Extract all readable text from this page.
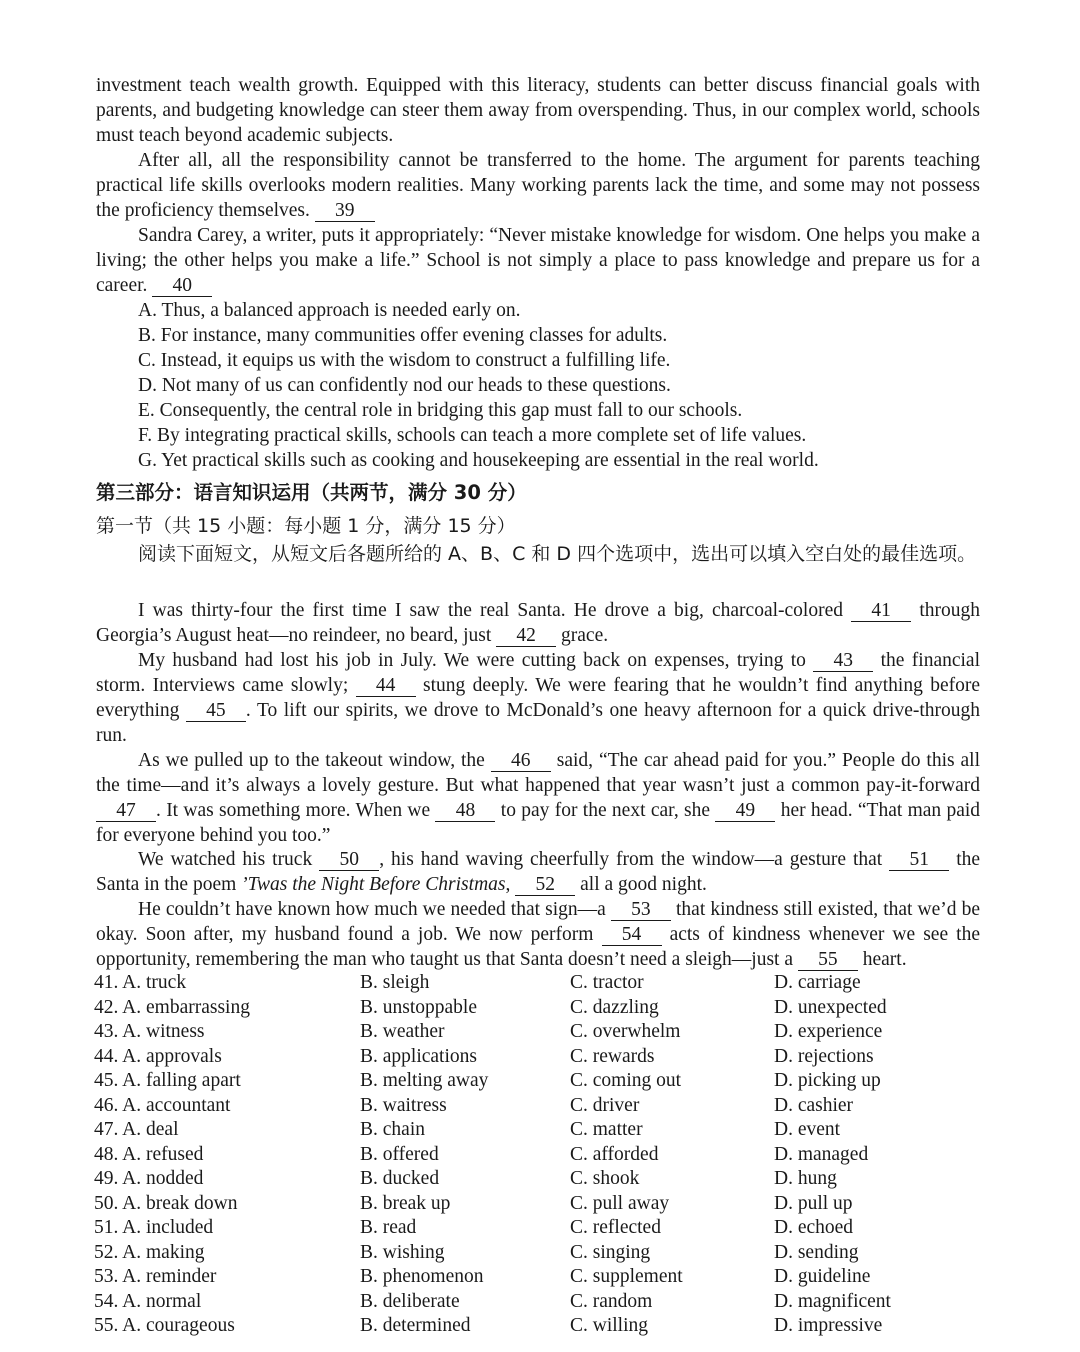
investment teach wealth growth. Equipped with this literacy, students can better discuss financial goals with parents, and budgeting knowledge can steer them away from overspending. Thus, in our complex world, schools must teach beyond academic subjects.

After all, all the responsibility cannot be transferred to the home. The argument for parents teaching practical life skills overlooks modern realities. Many working parents lack the time, and some may not possess the proficiency themselves. 39

Sandra Carey, a writer, puts it appropriately: “Never mistake knowledge for wisdom. One helps you make a living; the other helps you make a life.” School is not simply a place to pass knowledge and prepare us for a career. 40

A. Thus, a balanced approach is needed early on.

B. For instance, many communities offer evening classes for adults.

C. Instead, it equips us with the wisdom to construct a fulfilling life.

D. Not many of us can confidently nod our heads to these questions.

E. Consequently, the central role in bridging this gap must fall to our schools.

F. By integrating practical skills, schools can teach a more complete set of life values.

G. Yet practical skills such as cooking and housekeeping are essential in the real world.

第三部分：语言知识运用（共两节，满分 30 分）

第一节（共 15 小题：每小题 1 分，满分 15 分）

阅读下面短文，从短文后各题所给的 A、B、C 和 D 四个选项中，选出可以填入空白处的最佳选项。

I was thirty-four the first time I saw the real Santa. He drove a big, charcoal-colored 41 through Georgia’s August heat—no reindeer, no beard, just 42 grace.

My husband had lost his job in July. We were cutting back on expenses, trying to 43 the financial storm. Interviews came slowly; 44 stung deeply. We were fearing that he wouldn’t find anything before everything 45 . To lift our spirits, we drove to McDonald’s one heavy afternoon for a quick drive-through run.

As we pulled up to the takeout window, the 46 said, “The car ahead paid for you.” People do this all the time—and it’s always a lovely gesture. But what happened that year wasn’t just a common pay-it-forward 47 . It was something more. When we 48 to pay for the next car, she 49 her head. “That man paid for everyone behind you too.”

We watched his truck 50 , his hand waving cheerfully from the window—a gesture that 51 the Santa in the poem ’Twas the Night Before Christmas, 52 all a good night.

He couldn’t have known how much we needed that sign—a 53 that kindness still existed, that we’d be okay. Soon after, my husband found a job. We now perform 54 acts of kindness whenever we see the opportunity, remembering the man who taught us that Santa doesn’t need a sleigh—just a 55 heart.

41. A. truck	B. sleigh	C. tractor	D. carriage
42. A. embarrassing	B. unstoppable	C. dazzling	D. unexpected
43. A. witness	B. weather	C. overwhelm	D. experience
44. A. approvals	B. applications	C. rewards	D. rejections
45. A. falling apart	B. melting away	C. coming out	D. picking up
46. A. accountant	B. waitress	C. driver	D. cashier
47. A. deal	B. chain	C. matter	D. event
48. A. refused	B. offered	C. afforded	D. managed
49. A. nodded	B. ducked	C. shook	D. hung
50. A. break down	B. break up	C. pull away	D. pull up
51. A. included	B. read	C. reflected	D. echoed
52. A. making	B. wishing	C. singing	D. sending
53. A. reminder	B. phenomenon	C. supplement	D. guideline
54. A. normal	B. deliberate	C. random	D. magnificent
55. A. courageous	B. determined	C. willing	D. impressive
